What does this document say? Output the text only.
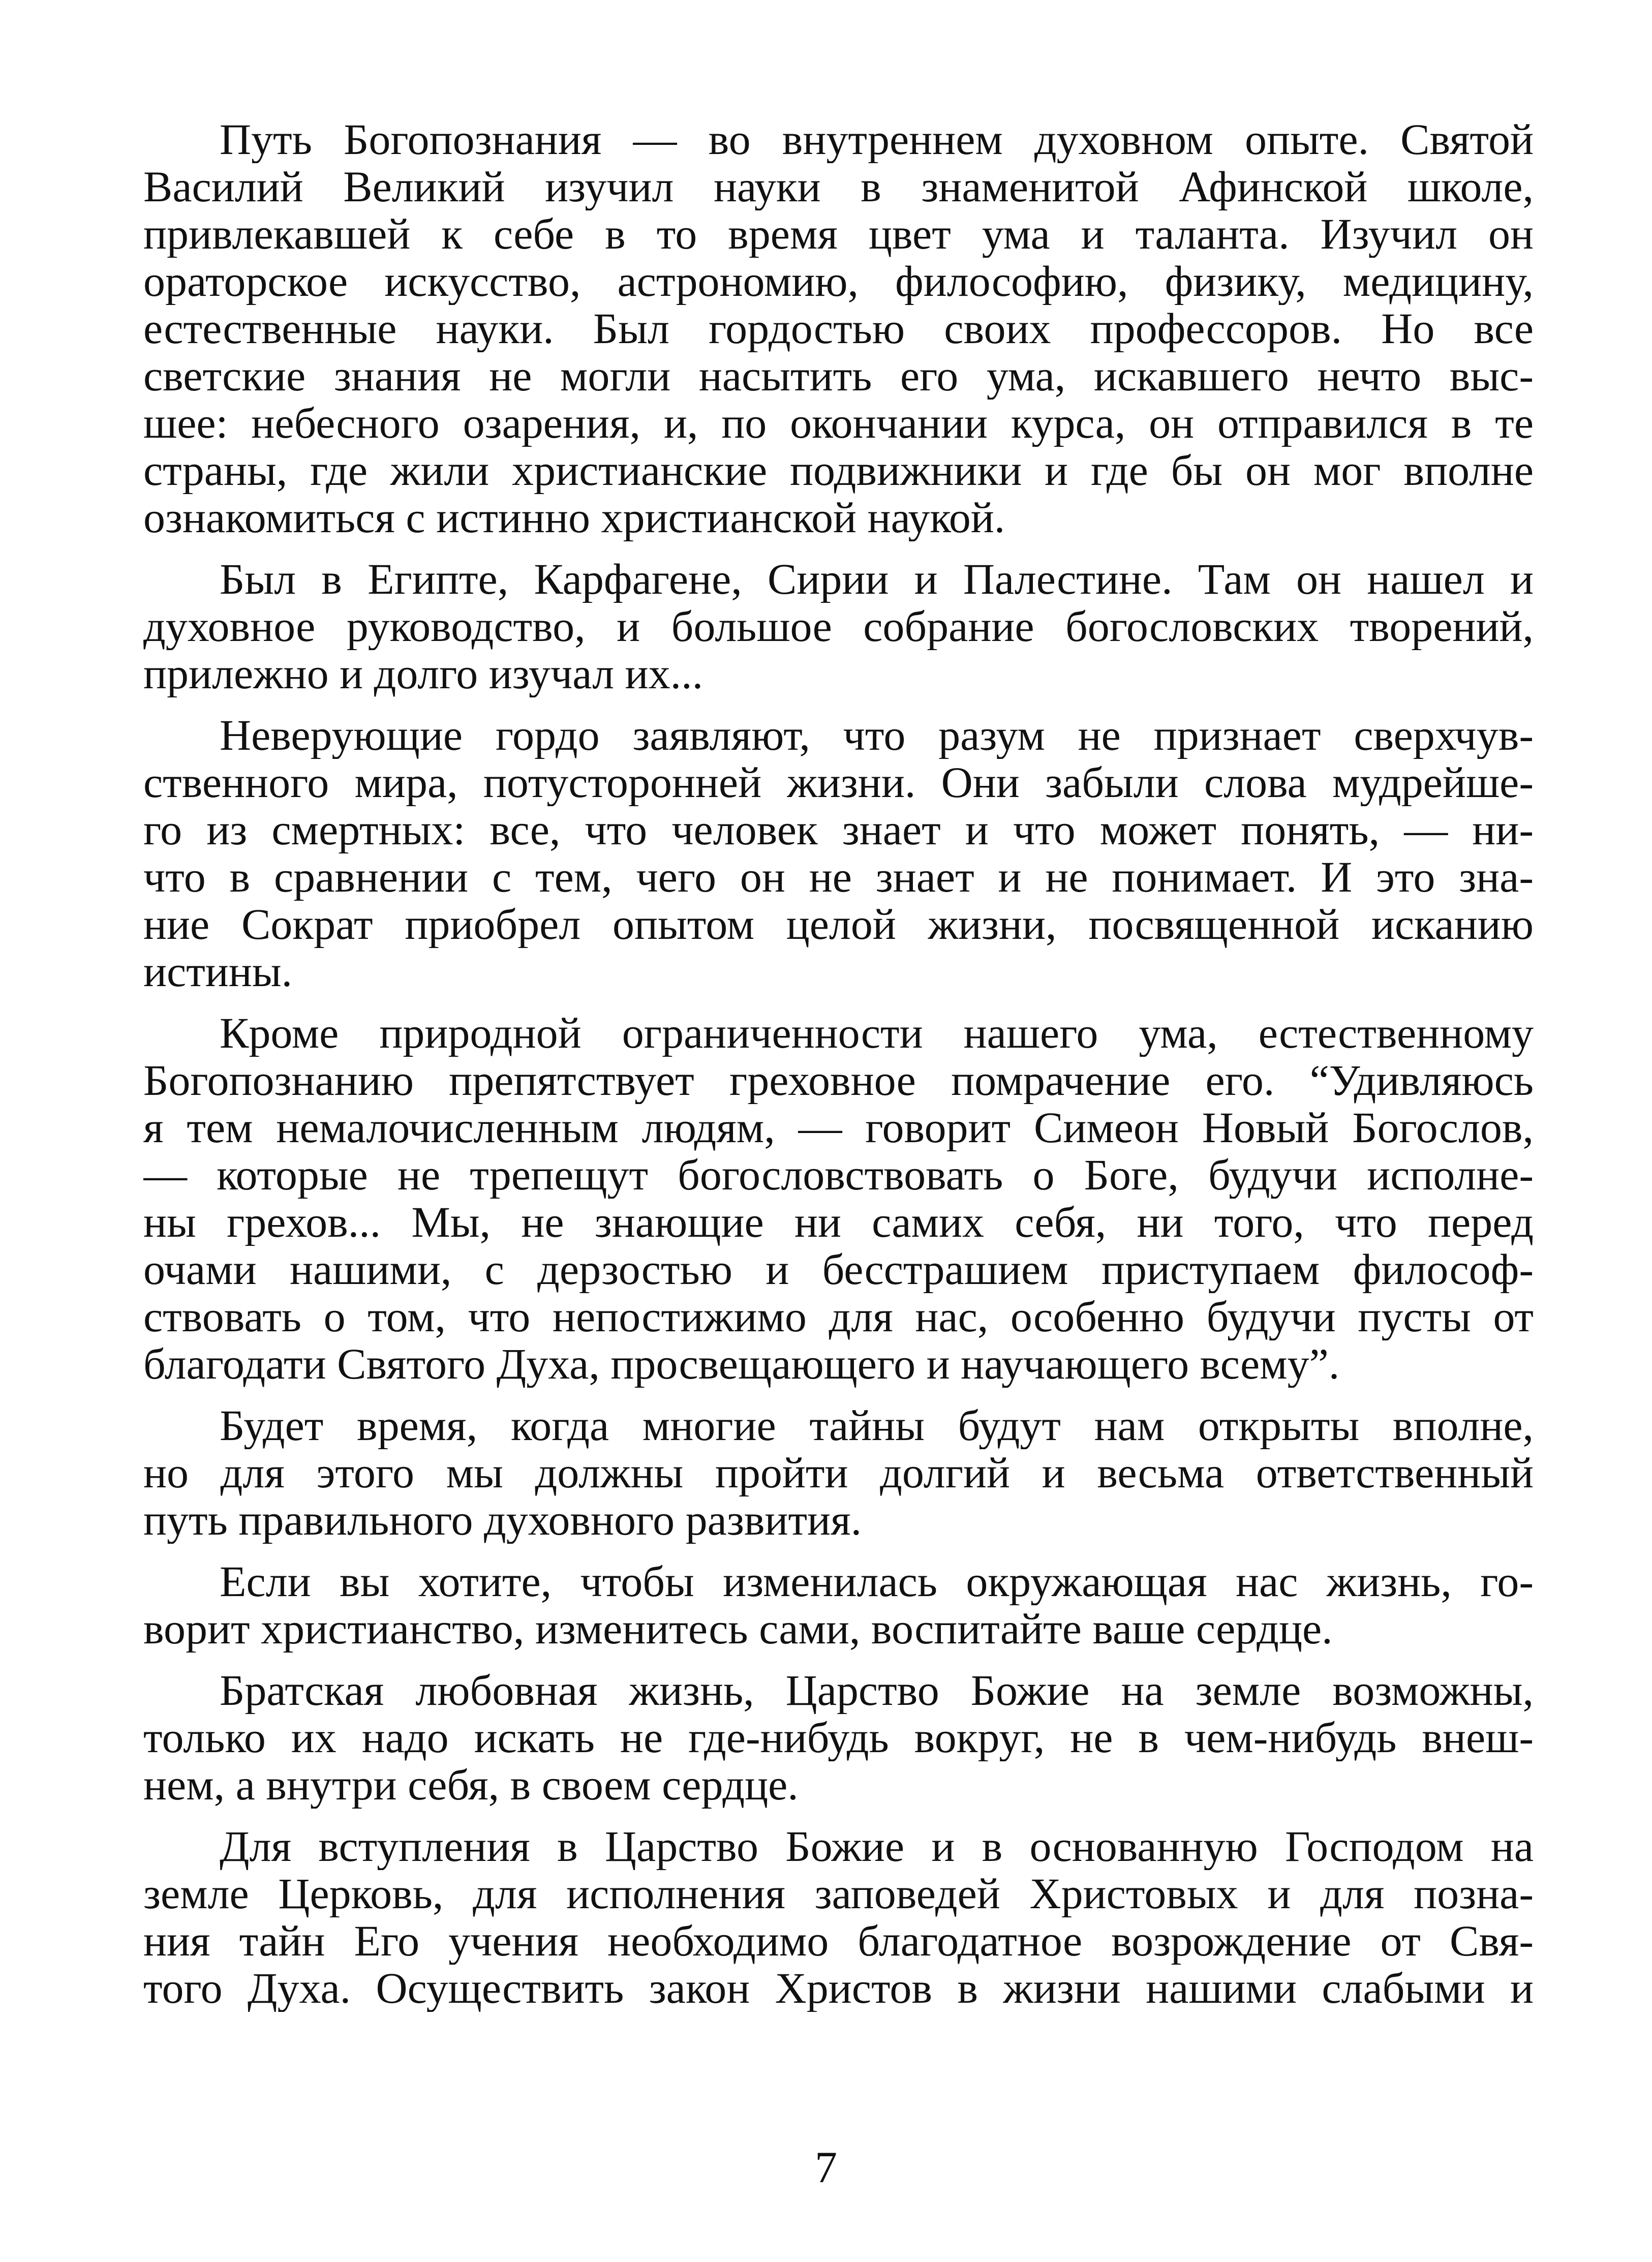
Путь Богопознания — во внутреннем духовном опыте. Святой
Василий Великий изучил науки в знаменитой Афинской школе,
привлекавшей к себе в то время цвет ума и таланта. Изучил он
ораторское искусство, астрономию, философию, физику, медицину,
естественные науки. Был гордостью своих профессоров. Но все
светские знания не могли насытить его ума, искавшего нечто выс-
шее: небесного озарения, и, по окончании курса, он отправился в те
страны, где жили христианские подвижники и где бы он мог вполне
ознакомиться с истинно христианской наукой.
Был в Египте, Карфагене, Сирии и Палестине. Там он нашел и
духовное руководство, и большое собрание богословских творений,
прилежно и долго изучал их...
Неверующие гордо заявляют, что разум не признает сверхчув-
ственного мира, потусторонней жизни. Они забыли слова мудрейше-
го из смертных: все, что человек знает и что может понять, — ни-
что в сравнении с тем, чего он не знает и не понимает. И это зна-
ние Сократ приобрел опытом целой жизни, посвященной исканию
истины.
Кроме природной ограниченности нашего ума, естественному
Богопознанию препятствует греховное помрачение его. “Удивляюсь
я тем немалочисленным людям, — говорит Симеон Новый Богослов,
— которые не трепещут богословствовать о Боге, будучи исполне-
ны грехов... Мы, не знающие ни самих себя, ни того, что перед
очами нашими, с дерзостью и бесстрашием приступаем философ-
ствовать о том, что непостижимо для нас, особенно будучи пусты от
благодати Святого Духа, просвещающего и научающего всему”.
Будет время, когда многие тайны будут нам открыты вполне,
но для этого мы должны пройти долгий и весьма ответственный
путь правильного духовного развития.
Если вы хотите, чтобы изменилась окружающая нас жизнь, го-
ворит христианство, изменитесь сами, воспитайте ваше сердце.
Братская любовная жизнь, Царство Божие на земле возможны,
только их надо искать не где-нибудь вокруг, не в чем-нибудь внеш-
нем, а внутри себя, в своем сердце.
Для вступления в Царство Божие и в основанную Господом на
земле Церковь, для исполнения заповедей Христовых и для позна-
ния тайн Его учения необходимо благодатное возрождение от Свя-
того Духа. Осуществить закон Христов в жизни нашими слабыми и
7
